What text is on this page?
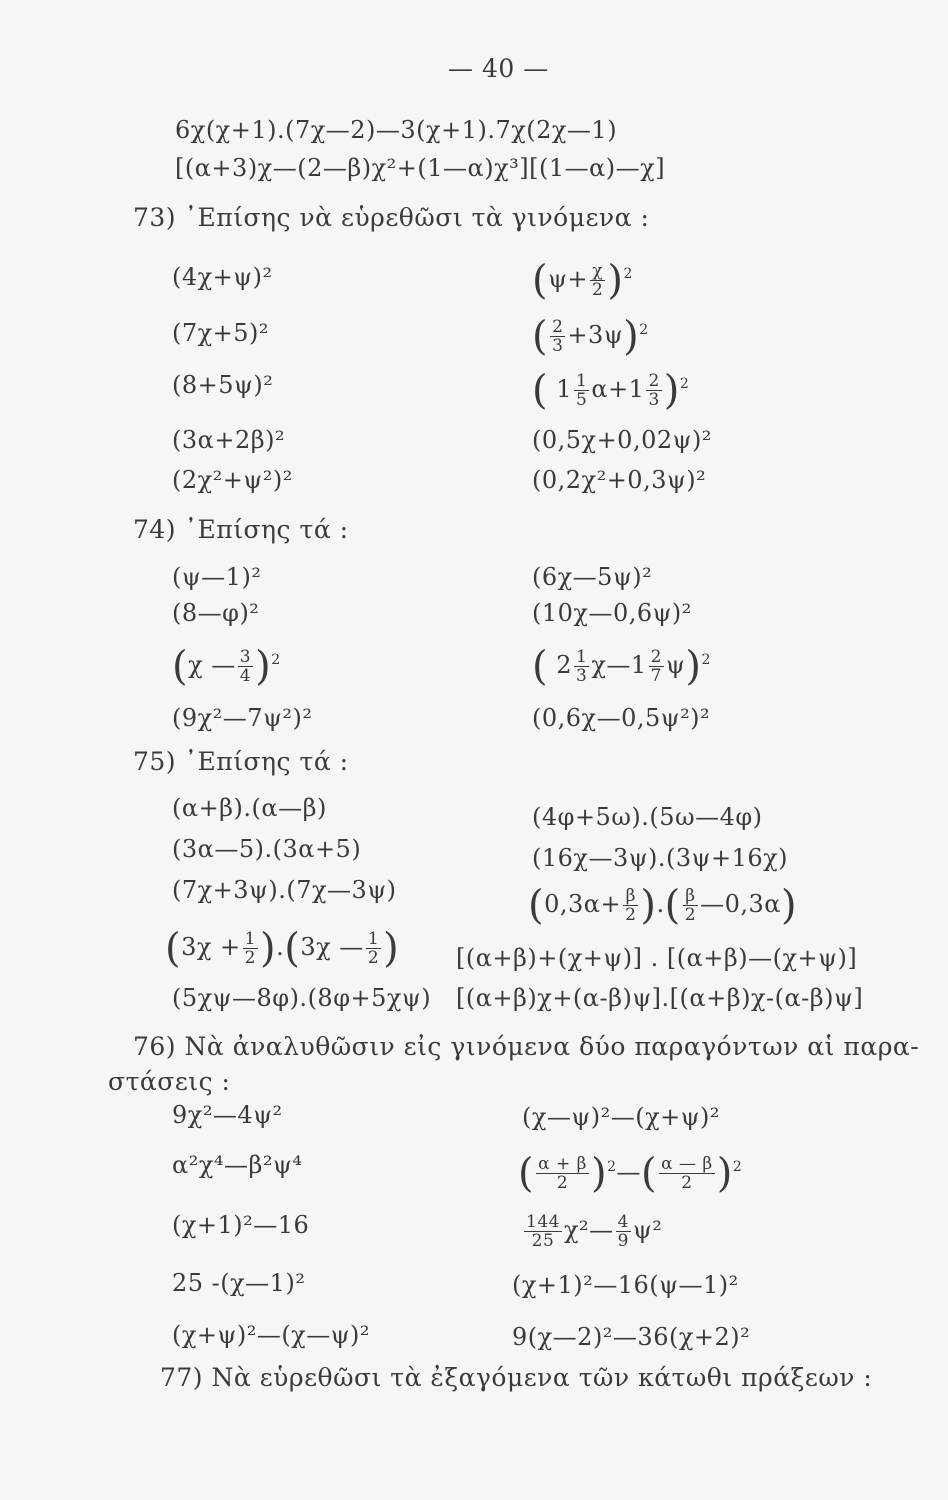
— 40 —
6χ(χ+1).(7χ—2)—3(χ+1).7χ(2χ—1)
[(α+3)χ—(2—β)χ²+(1—α)χ³][(1—α)—χ]
73) ᾿Επίσης νὰ εὑρεθῶσι τὰ γινόμενα :
(4χ+ψ)²
(7χ+5)²
(8+5ψ)²
(3α+2β)²
(2χ²+ψ²)²
$(\psi+ \frac{\chi}{2} )^2$
( $\frac{2}{3} +3\psi)^2$
( $1 \frac{1}{5} \alpha+1 \frac{2}{3} )^2$
(0,5χ+0,02ψ)²
(0,2χ²+0,3ψ)²
74) ᾿Επίσης τά :
(ψ—1)²
(8—φ)²
(χ — $\frac{3}{4} )^2$
(9χ²—7ψ²)²
(6χ—5ψ)²
(10χ—0,6ψ)²
( $2 \frac{1}{3}$ χ—1 $\frac{2}{7} \psi)^2$
(0,6χ—0,5ψ²)²
75) ᾿Επίσης τά :
(α+β).(α—β)
(3α—5).(3α+5)
(7χ+3ψ).(7χ—3ψ)
$(3\chi + \frac{1}{2} ).(3\chi$ — $\frac{1}{2}$ )
(5χψ—8φ).(8φ+5χψ)
(4φ+5ω).(5ω—4φ)
(16χ—3ψ).(3ψ+16χ)
($0,3\alpha+ \frac{\beta}{2}$ ).( $\frac{\beta}{2}$ —0,3α)
[(α+β)+(χ+ψ)] . [(α+β)—(χ+ψ)]
[(α+β)χ+(α-β)ψ].[(α+β)χ-(α-β)ψ]
76) Νὰ ἀναλυθῶσιν εἰς γινόμενα δύο παραγόντων αἱ παρα-
στάσεις :
9χ²—4ψ²
α²χ⁴—β²ψ⁴
(χ+1)²—16
25 -(χ—1)²
(χ+ψ)²—(χ—ψ)²
(χ—ψ)²—(χ+ψ)²
( $\frac{\alpha + \beta}{2}$ )$^2$—( $\frac{\alpha — \beta}{2} )^2$
$\frac{144}{25}$ χ²— $\frac{4}{9} \psi^2$
(χ+1)²—16(ψ—1)²
9(χ—2)²—36(χ+2)²
77) Νὰ εὑρεθῶσι τὰ ἐξαγόμενα τῶν κάτωθι πράξεων :
